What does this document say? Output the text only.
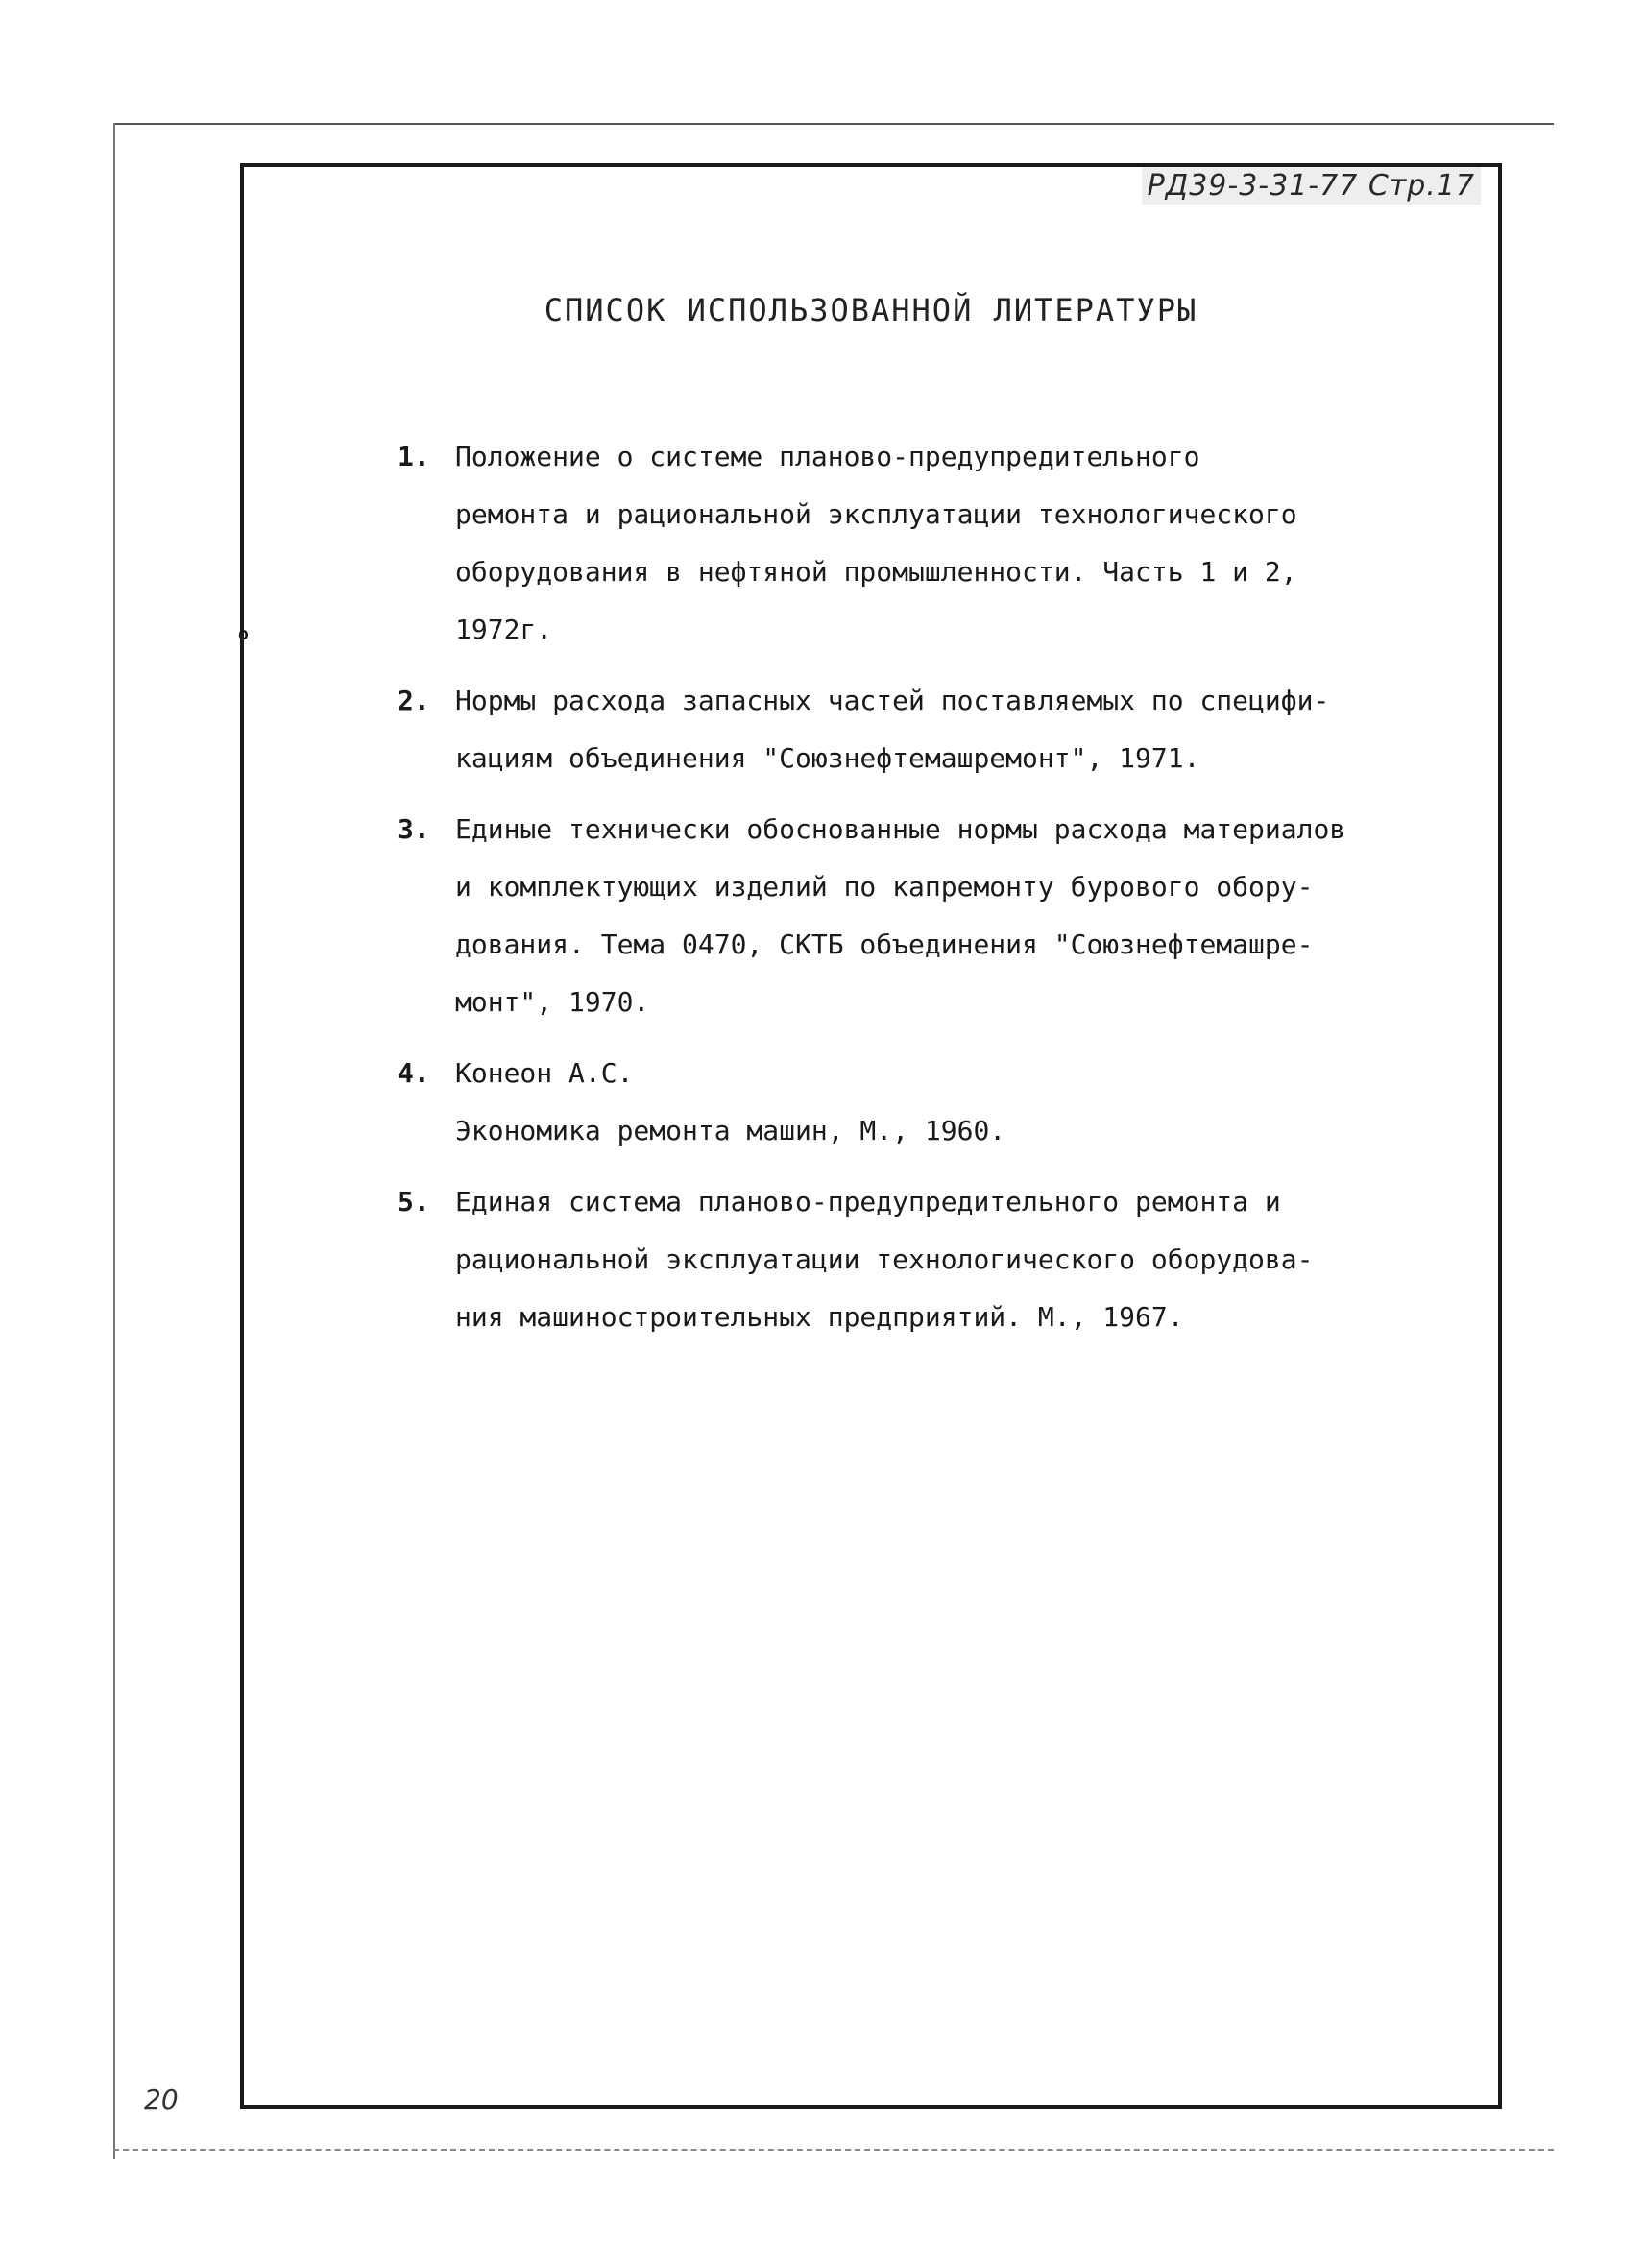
o
РД39-3-31-77 Стр.17
СПИСОК ИСПОЛЬЗОВАННОЙ ЛИТЕРАТУРЫ
1. Положение о системе планово-предупредительного
ремонта и рациональной эксплуатации технологического
оборудования в нефтяной промышленности. Часть 1 и 2,
1972г.
2. Нормы расхода запасных частей поставляемых по специфи-
кациям объединения "Союзнефтемашремонт", 1971.
3. Единые технически обоснованные нормы расхода материалов
и комплектующих изделий по капремонту бурового обору-
дования. Тема 0470, СКТБ объединения "Союзнефтемашре-
монт", 1970.
4. Конеон А.С.
Экономика ремонта машин, М., 1960.
5. Единая система планово-предупредительного ремонта и
рациональной эксплуатации технологического оборудова-
ния машиностроительных предприятий. М., 1967.
20
